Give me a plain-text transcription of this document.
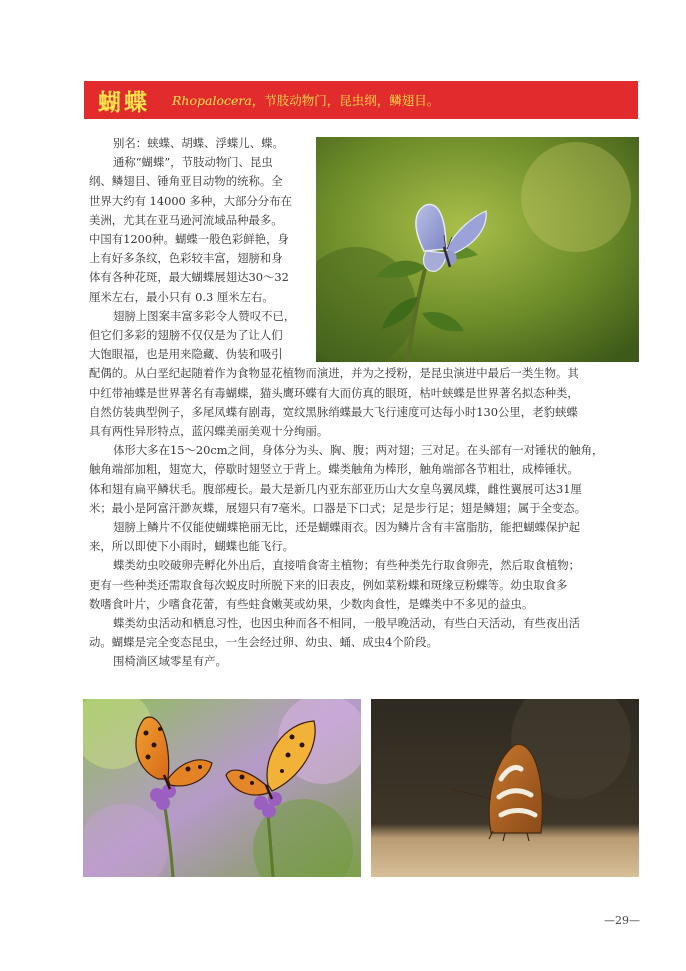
蝴蝶 Rhopalocera，节肢动物门，昆虫纲，鳞翅目。

别名：蛱蝶、胡蝶、浮蝶儿、蝶。

通称“蝴蝶”，节肢动物门、昆虫

纲、鳞翅目、锤角亚目动物的统称。全

世界大约有 14000 多种，大部分分布在

美洲，尤其在亚马逊河流域品种最多。

中国有1200种。蝴蝶一般色彩鲜艳，身

上有好多条纹，色彩较丰富，翅膀和身

体有各种花斑，最大蝴蝶展翅达30～32

厘米左右，最小只有 0.3 厘米左右。

翅膀上图案丰富多彩令人赞叹不已，

但它们多彩的翅膀不仅仅是为了让人们

大饱眼福，也是用来隐藏、伪装和吸引

配偶的。从白垩纪起随着作为食物显花植物而演进，并为之授粉，是昆虫演进中最后一类生物。其

中红带袖蝶是世界著名有毒蝴蝶，猫头鹰环蝶有大而仿真的眼斑，枯叶蛱蝶是世界著名拟态种类，

自然仿装典型例子，多尾凤蝶有剧毒，宽纹黑脉绡蝶最大飞行速度可达每小时130公里，老豹蛱蝶

具有两性异形特点，蓝闪蝶美丽美观十分绚丽。

体形大多在15～20cm之间，身体分为头、胸、腹；两对翅；三对足。在头部有一对锤状的触角，

触角端部加粗，翅宽大，停歇时翅竖立于背上。蝶类触角为棒形，触角端部各节粗壮，成棒锤状。

体和翅有扁平鳞状毛。腹部瘦长。最大是新几内亚东部亚历山大女皇鸟翼凤蝶，雌性翼展可达31厘

米；最小是阿富汗渺灰蝶，展翅只有7毫米。口器是下口式；足是步行足；翅是鳞翅；属于全变态。

翅膀上鳞片不仅能使蝴蝶艳丽无比，还是蝴蝶雨衣。因为鳞片含有丰富脂肪，能把蝴蝶保护起

来，所以即使下小雨时，蝴蝶也能飞行。

蝶类幼虫咬破卵壳孵化外出后，直接啃食寄主植物；有些种类先行取食卵壳，然后取食植物；

更有一些种类还需取食每次蜕皮时所脱下来的旧表皮，例如菜粉蝶和斑缘豆粉蝶等。幼虫取食多

数嗜食叶片，少嗜食花蕾，有些蛀食嫩荚或幼果，少数肉食性，是蝶类中不多见的益虫。

蝶类幼虫活动和栖息习性，也因虫种而各不相同，一般早晚活动，有些白天活动，有些夜出活

动。蝴蝶是完全变态昆虫，一生会经过卵、幼虫、蛹、成虫4个阶段。

围椅淌区域零星有产。

—29—
